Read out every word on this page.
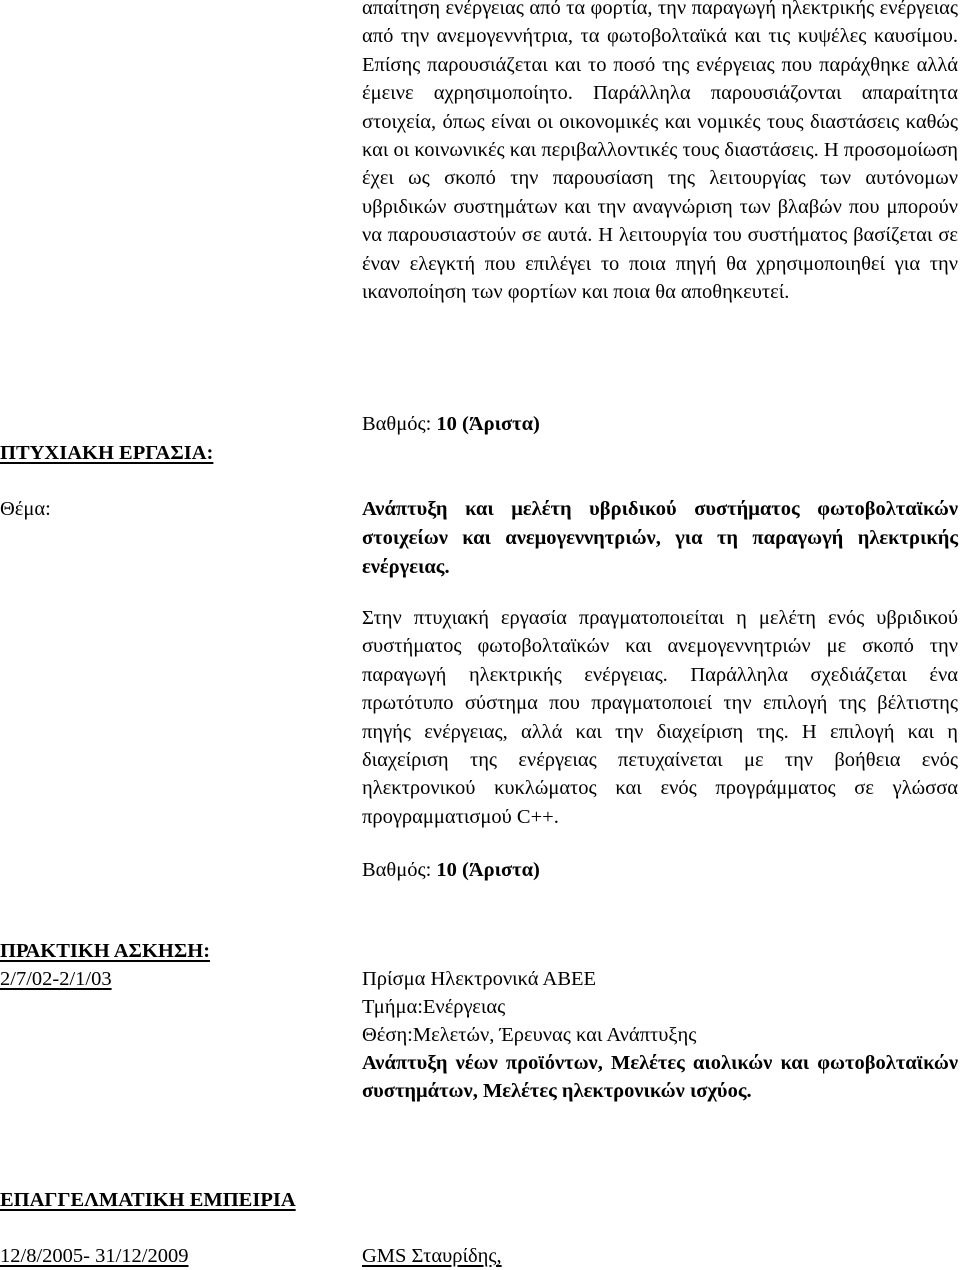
απαίτηση ενέργειας από τα φορτία, την παραγωγή ηλεκτρικής ενέργειας από την ανεμογεννήτρια, τα φωτοβολταϊκά και τις κυψέλες καυσίμου. Επίσης παρουσιάζεται και το ποσό της ενέργειας που παράχθηκε αλλά έμεινε αχρησιμοποίητο. Παράλληλα παρουσιάζονται απαραίτητα στοιχεία, όπως είναι οι οικονομικές και νομικές τους διαστάσεις καθώς και οι κοινωνικές και περιβαλλοντικές τους διαστάσεις. Η προσομοίωση έχει ως σκοπό την παρουσίαση της λειτουργίας των αυτόνομων υβριδικών συστημάτων και την αναγνώριση των βλαβών που μπορούν να παρουσιαστούν σε αυτά. Η λειτουργία του συστήματος βασίζεται σε έναν ελεγκτή που επιλέγει το ποια πηγή θα χρησιμοποιηθεί για την ικανοποίηση των φορτίων και ποια θα αποθηκευτεί.

Βαθμός: 10 (Άριστα)
ΠΤΥΧΙΑΚΗ ΕΡΓΑΣΙΑ:
Θέμα:	Ανάπτυξη και μελέτη υβριδικού συστήματος φωτοβολταϊκών στοιχείων και ανεμογεννητριών, για τη παραγωγή ηλεκτρικής ενέργειας.

Στην πτυχιακή εργασία πραγματοποιείται η μελέτη ενός υβριδικού συστήματος φωτοβολταϊκών και ανεμογεννητριών με σκοπό την παραγωγή ηλεκτρικής ενέργειας. Παράλληλα σχεδιάζεται ένα πρωτότυπο σύστημα που πραγματοποιεί την επιλογή της βέλτιστης πηγής ενέργειας, αλλά και την διαχείριση της. Η επιλογή και η διαχείριση της ενέργειας πετυχαίνεται με την βοήθεια ενός ηλεκτρονικού κυκλώματος και ενός προγράμματος σε γλώσσα προγραμματισμού C++.

Βαθμός: 10 (Άριστα)
ΠΡΑΚΤΙΚΗ ΑΣΚΗΣΗ:
2/7/02-2/1/03	Πρίσμα Ηλεκτρονικά ΑΒΕΕ
Τμήμα:Ενέργειας
Θέση:Μελετών, Έρευνας και Ανάπτυξης

Ανάπτυξη νέων προϊόντων, Μελέτες αιολικών και φωτοβολταϊκών συστημάτων, Μελέτες ηλεκτρονικών ισχύος.

ΕΠΑΓΓΕΛΜΑΤΙΚΗ ΕΜΠΕΙΡΙΑ
12/8/2005- 31/12/2009	GMS Σταυρίδης,
